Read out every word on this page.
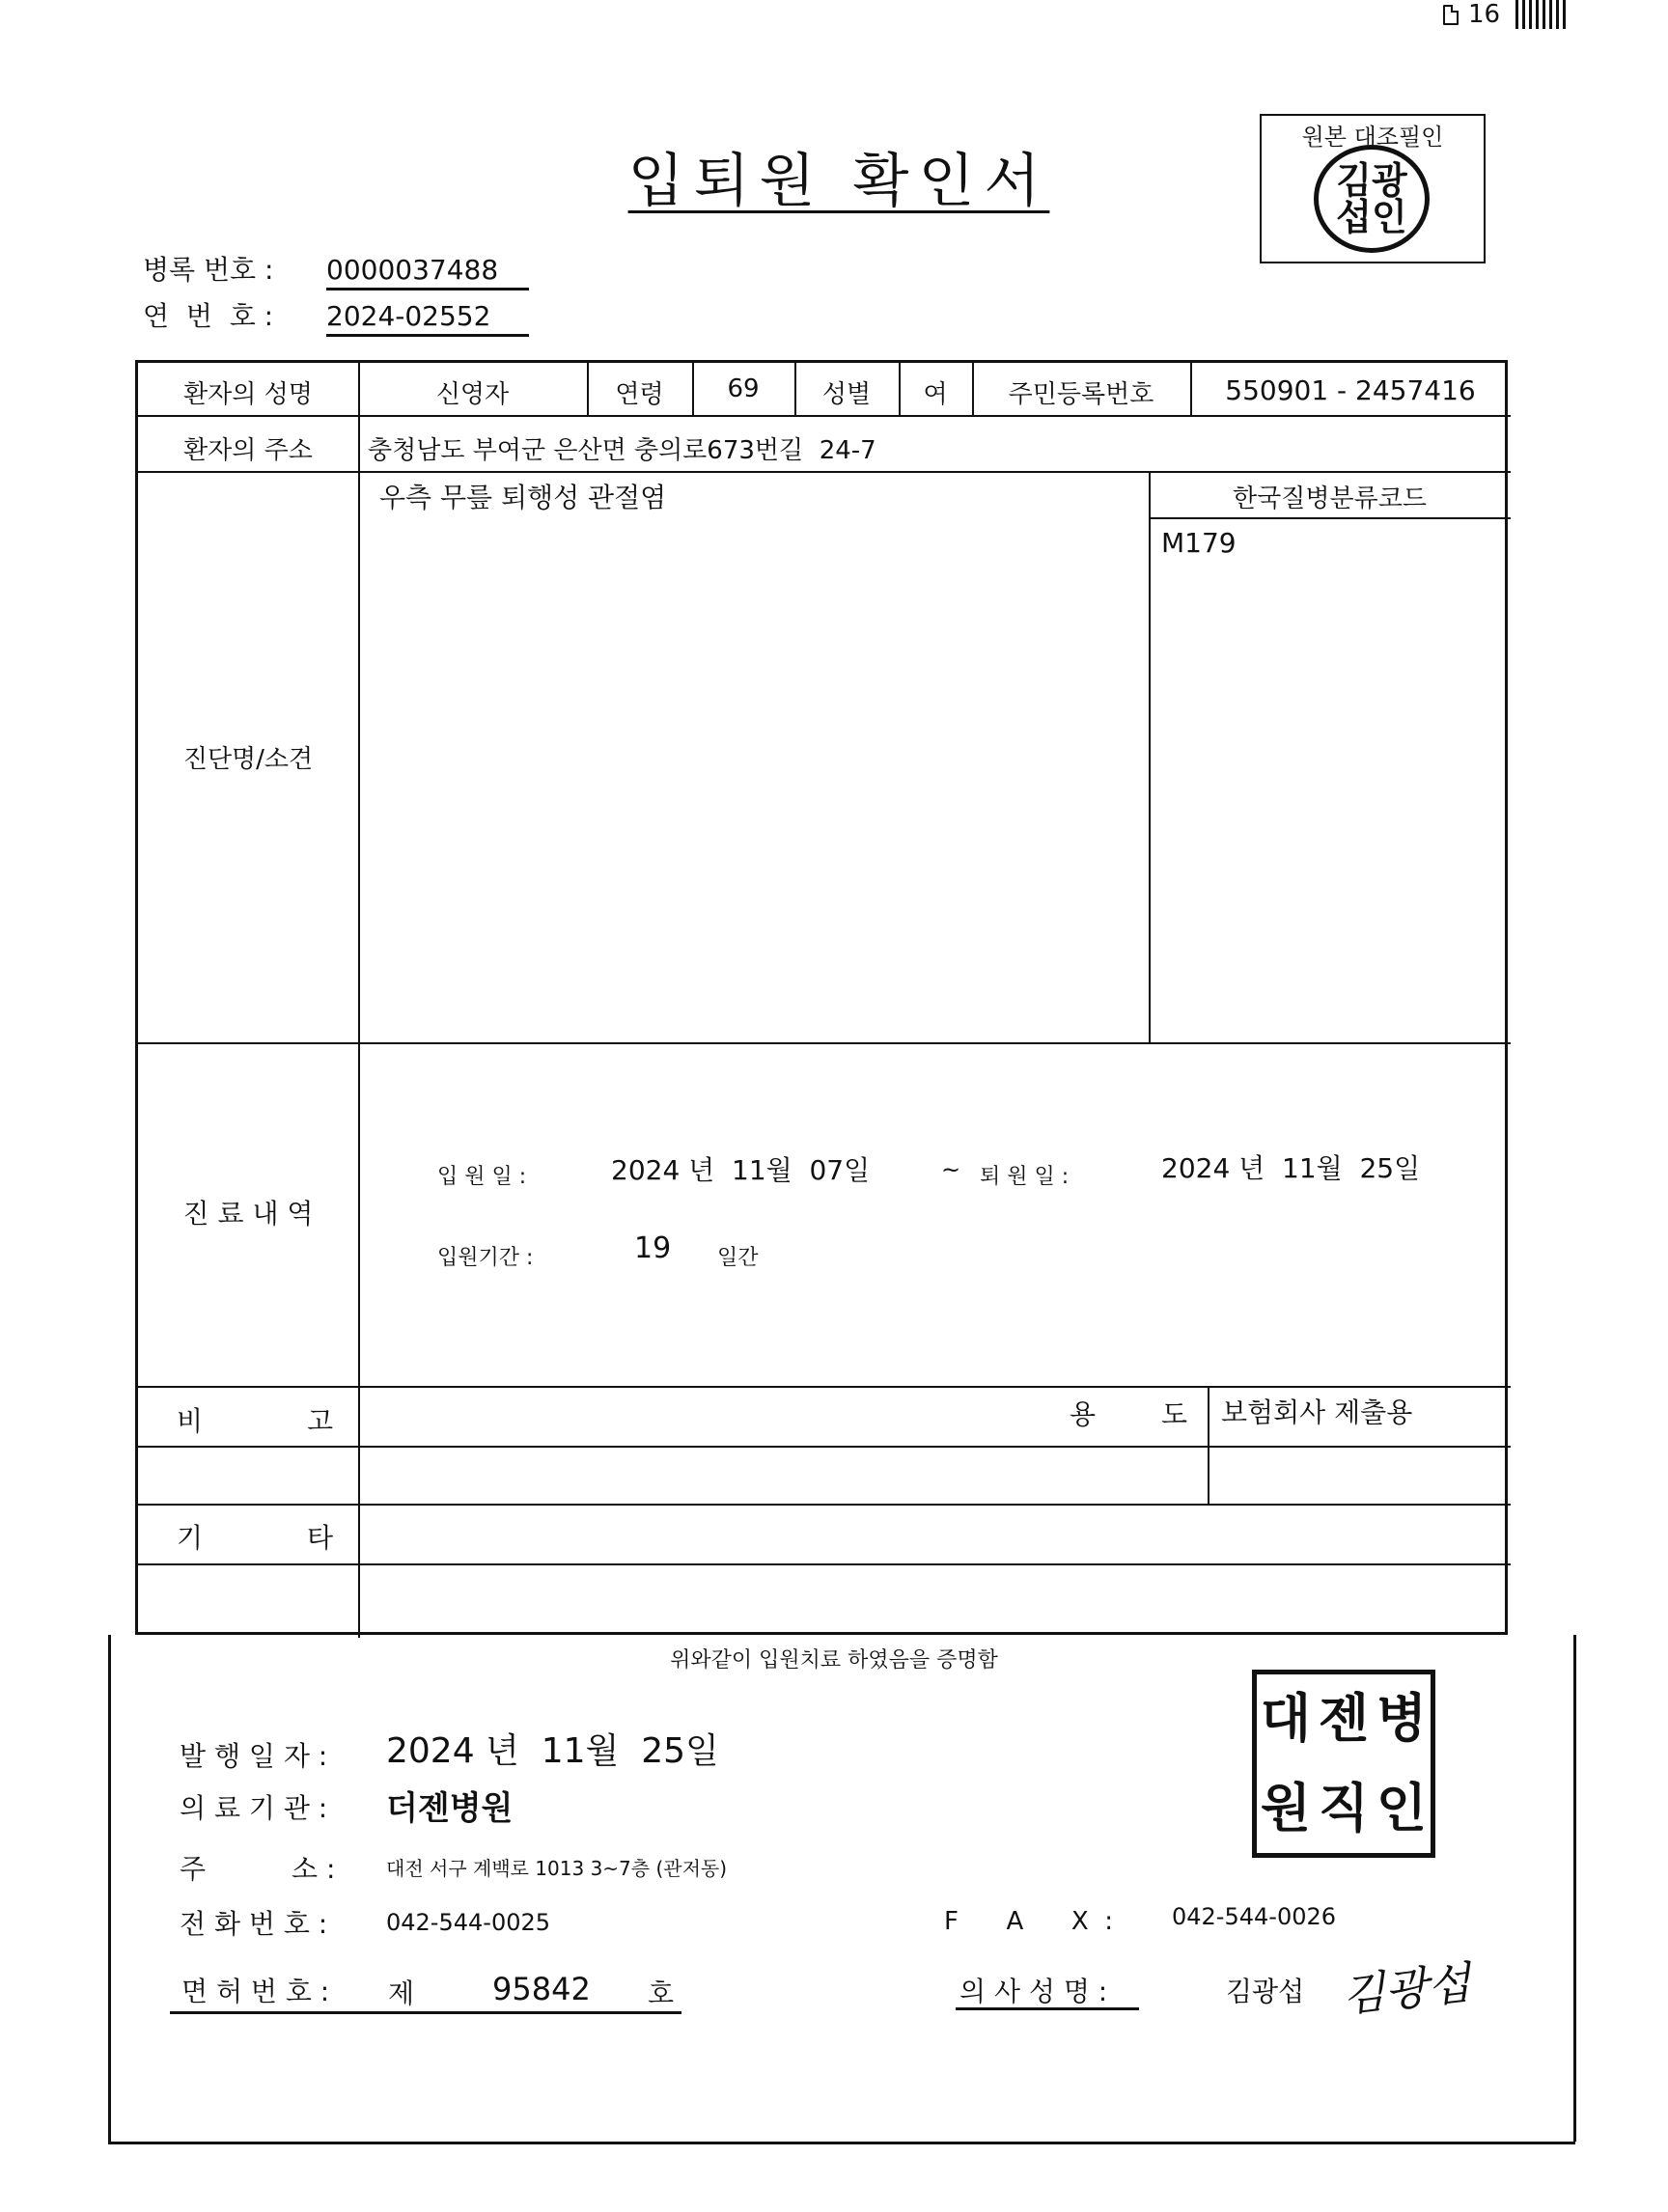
16
입퇴원 확인서
원본 대조필인
김광
섭인
병록 번호 : 0000037488
연  번  호 : 2024-02552
환자의 성명	신영자	연령	69	성별	여	주민등록번호	550901 - 2457416
환자의 주소	충청남도 부여군 은산면 충의로673번길  24-7
진단명/소견
우측 무릎 퇴행성 관절염	한국질병분류코드
M179
진 료 내 역
입 원 일 :	2024 년  11월  07일	~ 퇴 원 일 :	2024 년  11월  25일
입원기간 :	19 일간
비	고	용 도 보험회사 제출용
기	타
위와같이 입원치료 하였음을 증명함
발 행 일 자 : 2024 년  11월  25일
의 료 기 관 : 더젠병원
주          소 :	대전 서구 계백로 1013 3~7층 (관저동)
전 화 번 호 :	042-544-0025	F      A      X  :	042-544-0026
면 허 번 호 : 제	95842 호	의 사 성 명 :	김광섭 김광섭
대 젠 병
원 직 인
